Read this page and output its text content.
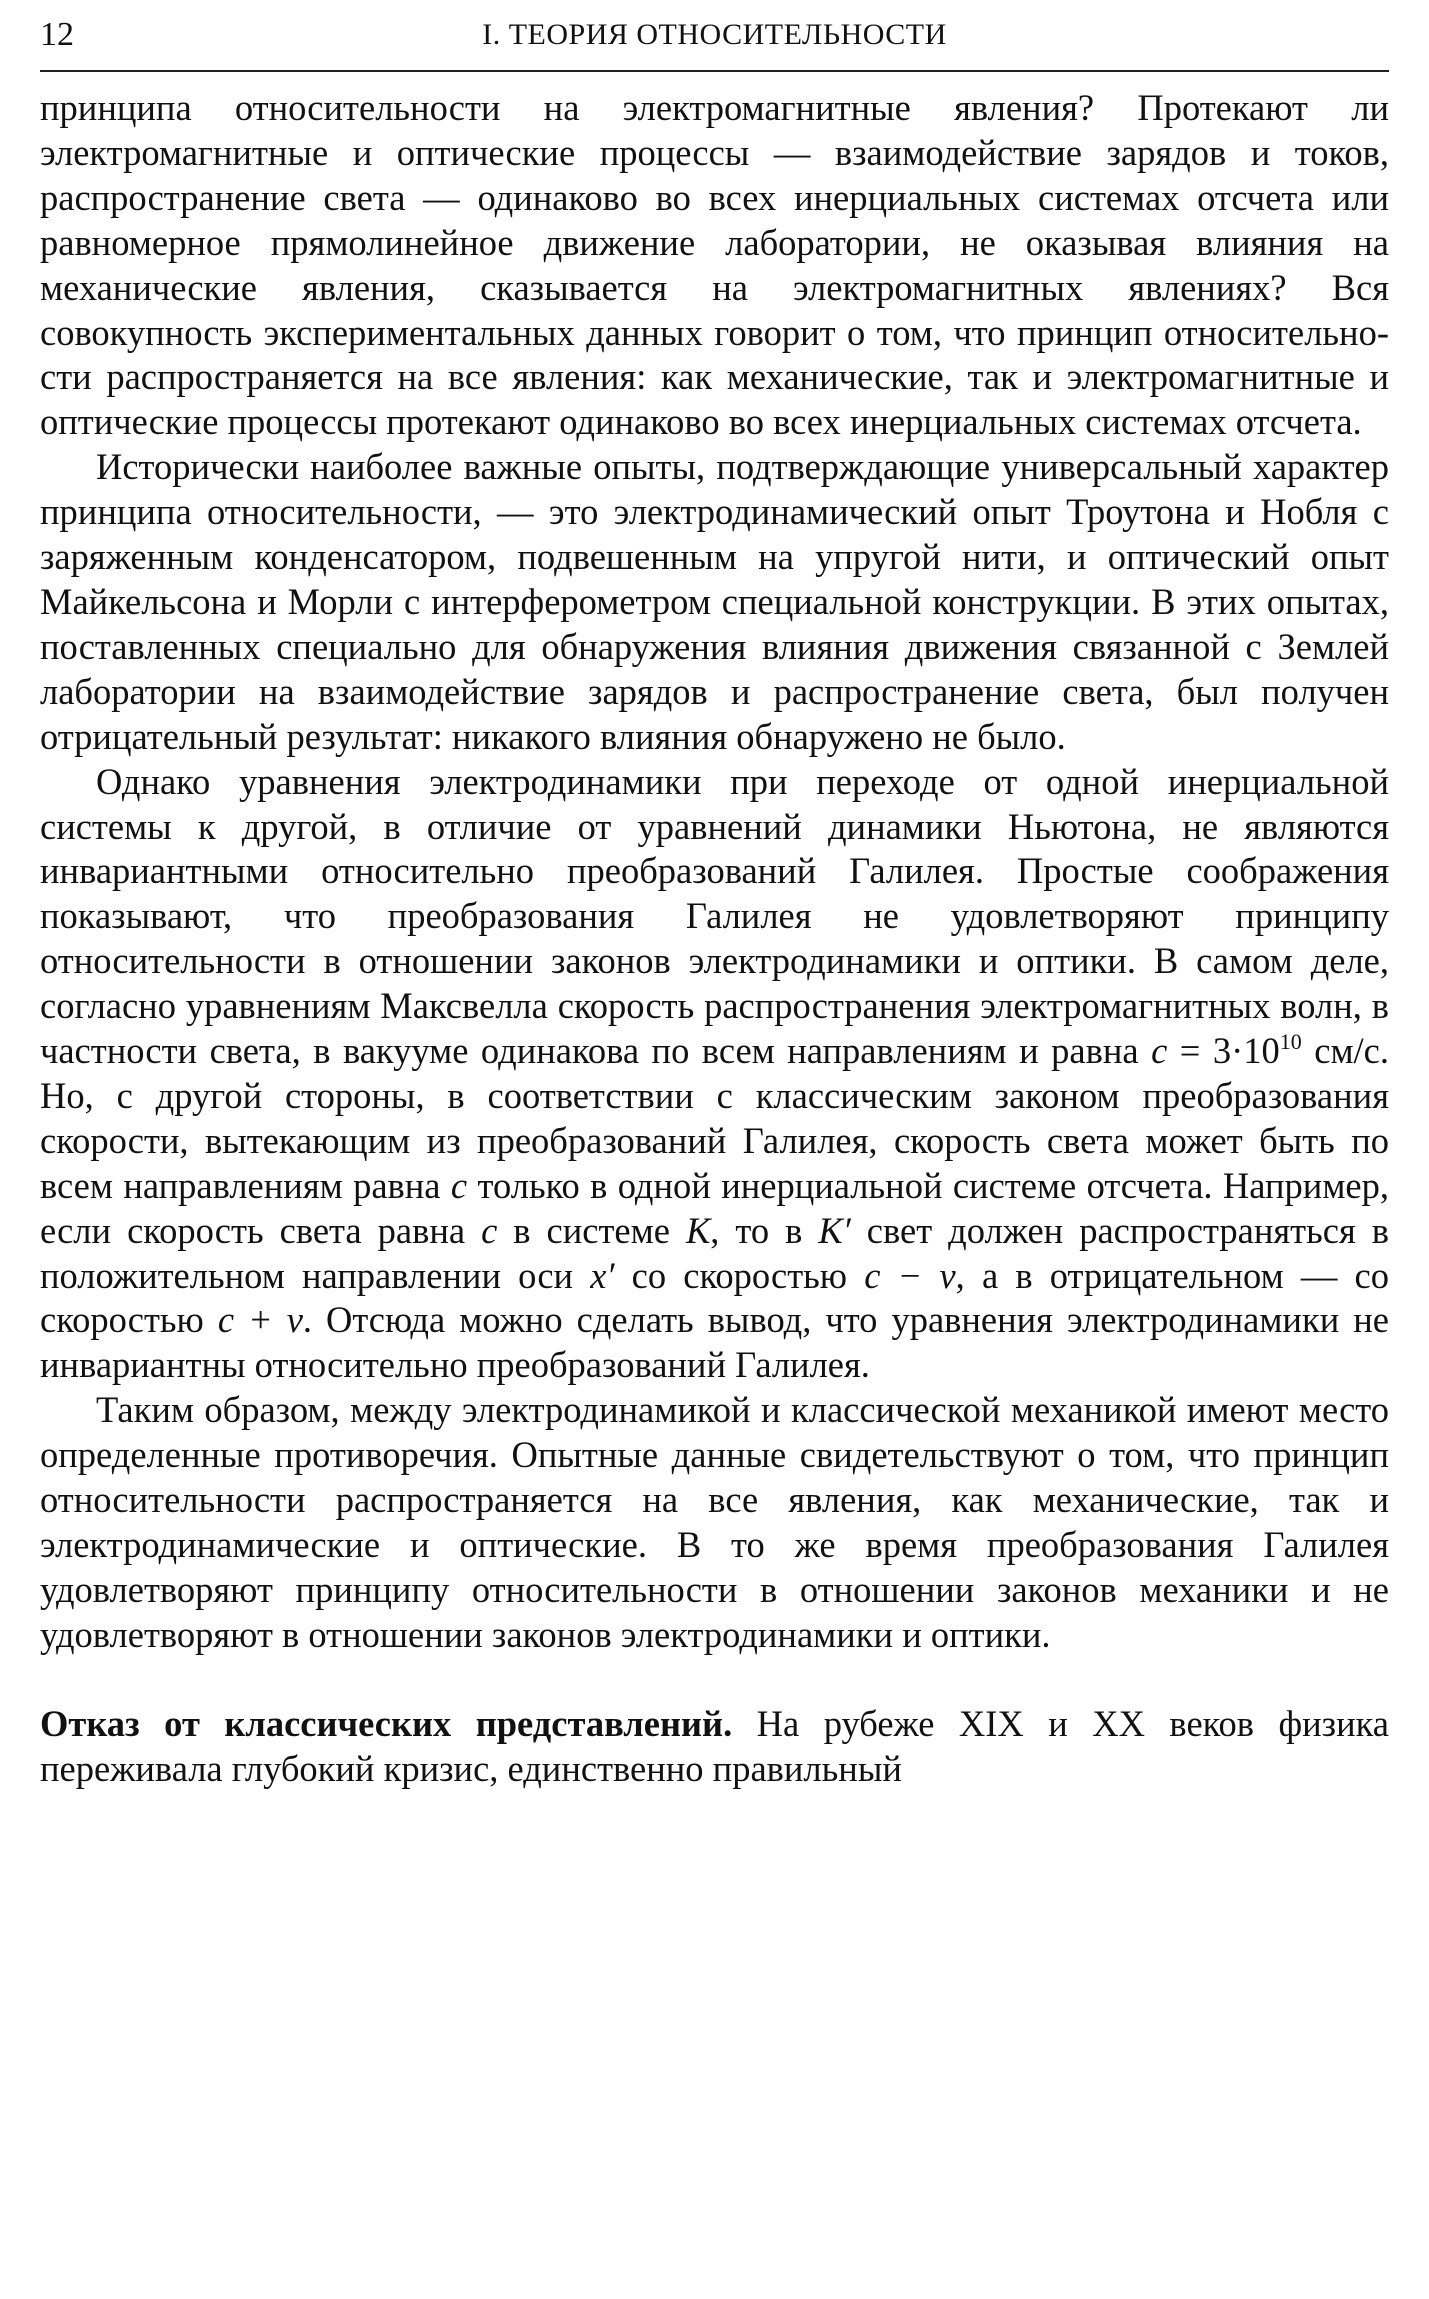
12	I. ТЕОРИЯ ОТНОСИТЕЛЬНОСТИ

принципа относительности на электромагнитные явления? Протекают ли электромагнитные и оптические процессы — взаимодействие зарядов и токов, распространение света — одинаково во всех инерциальных системах отсчета или равномерное прямолинейное движение лаборатории, не оказывая влияния на механические явления, сказывается на электромагнитных явлениях? Вся совокупность экспериментальных данных говорит о том, что принцип относительности распространяется на все явления: как механические, так и электромагнитные и оптические процессы протекают одинаково во всех инерциальных системах отсчета.

Исторически наиболее важные опыты, подтверждающие универсальный характер принципа относительности, — это электродинамический опыт Троутона и Нобля с заряженным конденсатором, подвешенным на упругой нити, и оптический опыт Майкельсона и Морли с интерферометром специальной конструкции. В этих опытах, поставленных специально для обнаружения влияния движения связанной с Землей лаборатории на взаимодействие зарядов и распространение света, был получен отрицательный результат: никакого влияния обнаружено не было.

Однако уравнения электродинамики при переходе от одной инерциальной системы к другой, в отличие от уравнений динамики Ньютона, не являются инвариантными относительно преобразований Галилея. Простые соображения показывают, что преобразования Галилея не удовлетворяют принципу относительности в отношении законов электродинамики и оптики. В самом деле, согласно уравнениям Максвелла скорость распространения электромагнитных волн, в частности света, в вакууме одинакова по всем направлениям и равна $c = 3\cdot 10^{10}$ см/с. Но, с другой стороны, в соответствии с классическим законом преобразования скорости, вытекающим из преобразований Галилея, скорость света может быть по всем направлениям равна c только в одной инерциальной системе отсчета. Например, если скорость света равна c в системе K, то в K′ свет должен распространяться в положительном направлении оси x′ со скоростью c − v, а в отрицательном — со скоростью c + v. Отсюда можно сделать вывод, что уравнения электродинамики не инвариантны относительно преобразований Галилея.

Таким образом, между электродинамикой и классической механикой имеют место определенные противоречия. Опытные данные свидетельствуют о том, что принцип относительности распространяется на все явления, как механические, так и электродинамические и оптические. В то же время преобразования Галилея удовлетворяют принципу относительности в отношении законов механики и не удовлетворяют в отношении законов электродинамики и оптики.

Отказ от классических представлений. На рубеже XIX и XX веков физика переживала глубокий кризис, единственно правильный
